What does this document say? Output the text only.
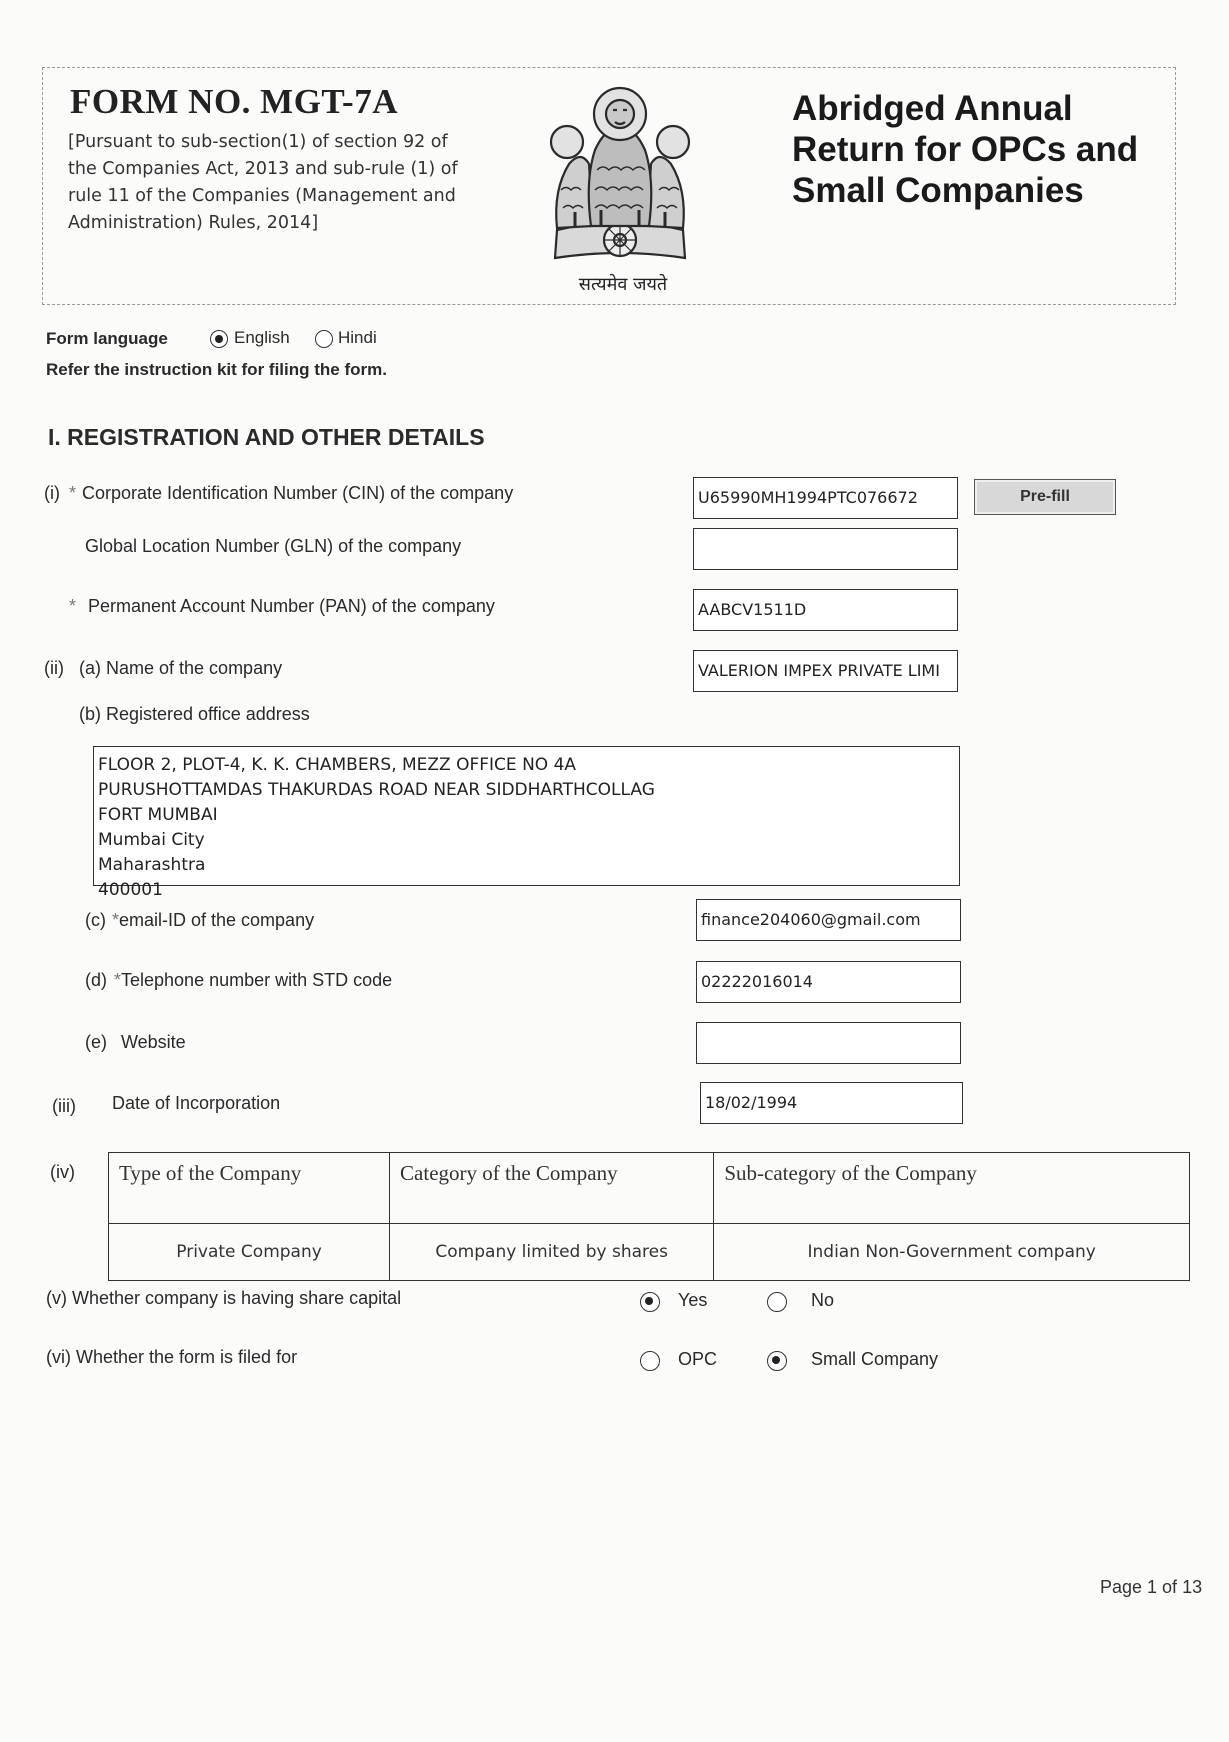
FORM NO. MGT-7A
[Pursuant to sub-section(1) of section 92 of
the Companies Act, 2013 and sub-rule (1) of
rule 11 of the Companies (Management and
Administration) Rules, 2014]
सत्यमेव जयते
Abridged Annual
Return for OPCs and
Small Companies
Form language	English	Hindi
Refer the instruction kit for filing the form.
I. REGISTRATION AND OTHER DETAILS
(i) * Corporate Identification Number (CIN) of the company	U65990MH1994PTC076672	Pre-fill
Global Location Number (GLN) of the company
* Permanent Account Number (PAN) of the company	AABCV1511D
(ii) (a) Name of the company	VALERION IMPEX PRIVATE LIMI
(b) Registered office address
FLOOR 2, PLOT-4, K. K. CHAMBERS, MEZZ OFFICE NO 4A
PURUSHOTTAMDAS THAKURDAS ROAD NEAR SIDDHARTHCOLLAG
FORT MUMBAI
Mumbai City
Maharashtra
400001
(c) * email-ID of the company	finance204060@gmail.com
(d) * Telephone number with STD code	02222016014
(e) Website
(iii) Date of Incorporation	18/02/1994
(iv) Type of the Company	Category of the Company	Sub-category of the Company
Private Company	Company limited by shares	Indian Non-Government company
(v) Whether company is having share capital	Yes	No
(vi) Whether the form is filed for	OPC	Small Company
Page 1 of 13
